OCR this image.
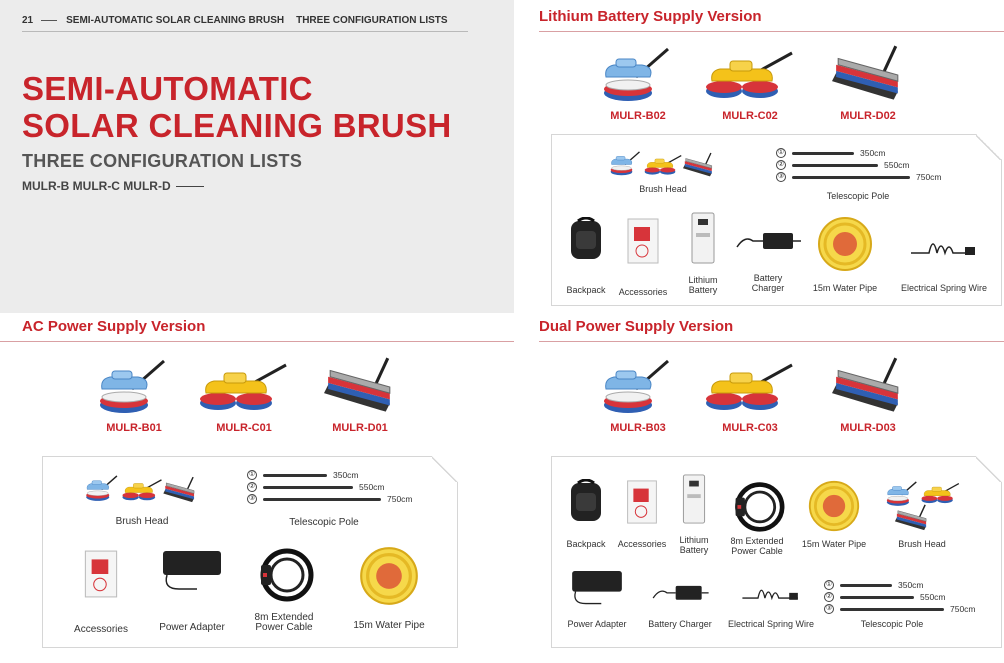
21	SEMI-AUTOMATIC SOLAR CLEANING BRUSH THREE CONFIGURATION LISTS
SEMI-AUTOMATIC
SOLAR CLEANING BRUSH
THREE CONFIGURATION LISTS
MULR-B MULR-C MULR-D
Lithium Battery Supply Version
MULR-B02	MULR-C02	MULR-D02
Brush Head
①	350cm
②	550cm
③	750cm
Telescopic Pole
Backpack	Accessories
Lithium
Battery
Battery
Charger	15m Water Pipe	Electrical Spring Wire
AC Power Supply Version
MULR-B01	MULR-C01	MULR-D01
Brush Head
①	350cm
②	550cm
③	750cm
Telescopic Pole
Accessories	Power Adapter
8m Extended
Power Cable	15m Water Pipe
Dual Power Supply Version
MULR-B03	MULR-C03	MULR-D03
Backpack	Accessories	Lithium
Battery
8m Extended
Power Cable
15m Water Pipe	Brush Head
Power Adapter	Battery Charger	Electrical Spring Wire
①	350cm
②	550cm
③	750cm
Telescopic Pole
